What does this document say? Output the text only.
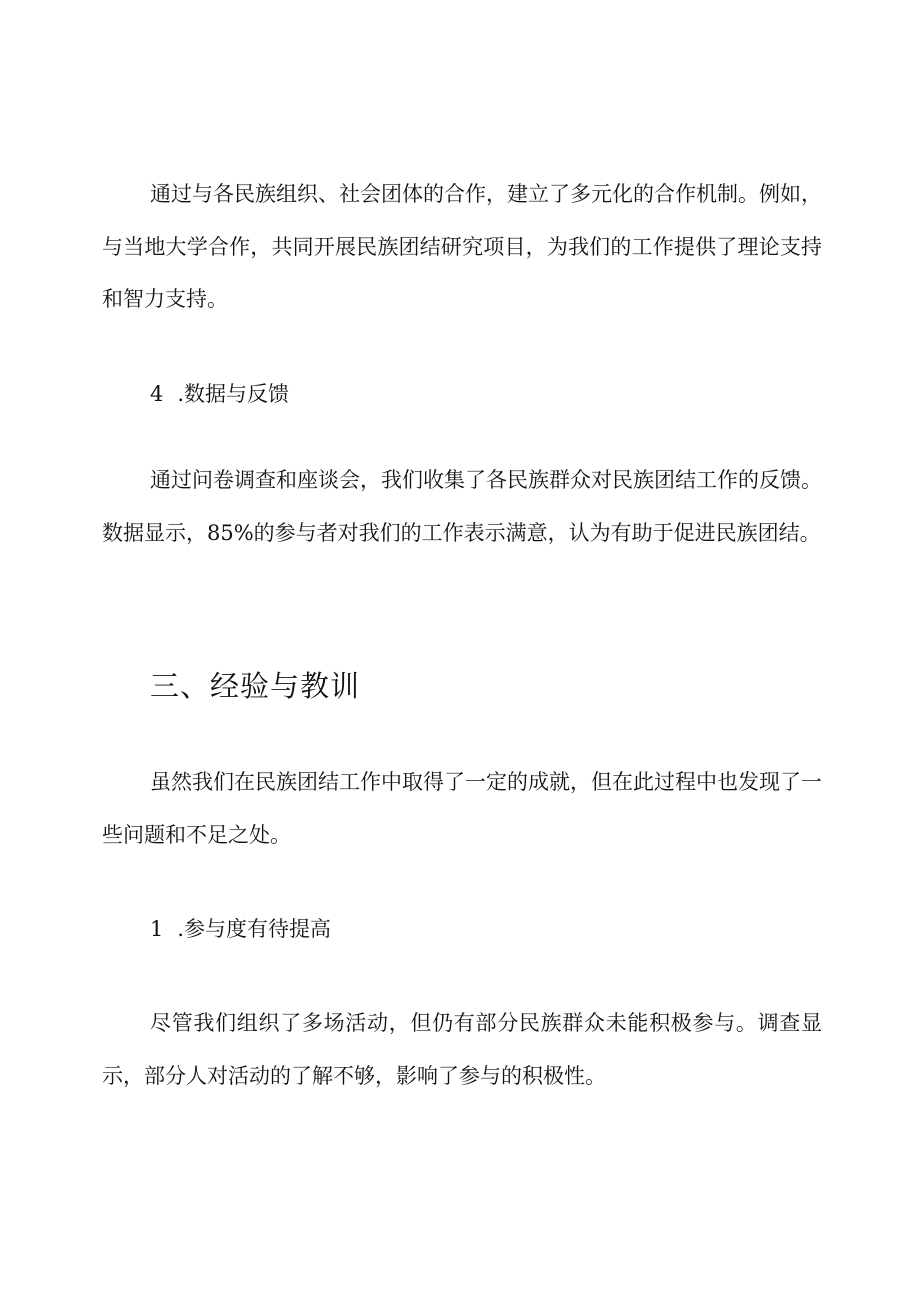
通过与各民族组织、社会团体的合作，建立了多元化的合作机制。例如，与当地大学合作，共同开展民族团结研究项目，为我们的工作提供了理论支持和智力支持。

4 .数据与反馈

通过问卷调查和座谈会，我们收集了各民族群众对民族团结工作的反馈。数据显示，85%的参与者对我们的工作表示满意，认为有助于促进民族团结。

三、经验与教训

虽然我们在民族团结工作中取得了一定的成就，但在此过程中也发现了一些问题和不足之处。

1 .参与度有待提高

尽管我们组织了多场活动，但仍有部分民族群众未能积极参与。调查显示，部分人对活动的了解不够，影响了参与的积极性。
